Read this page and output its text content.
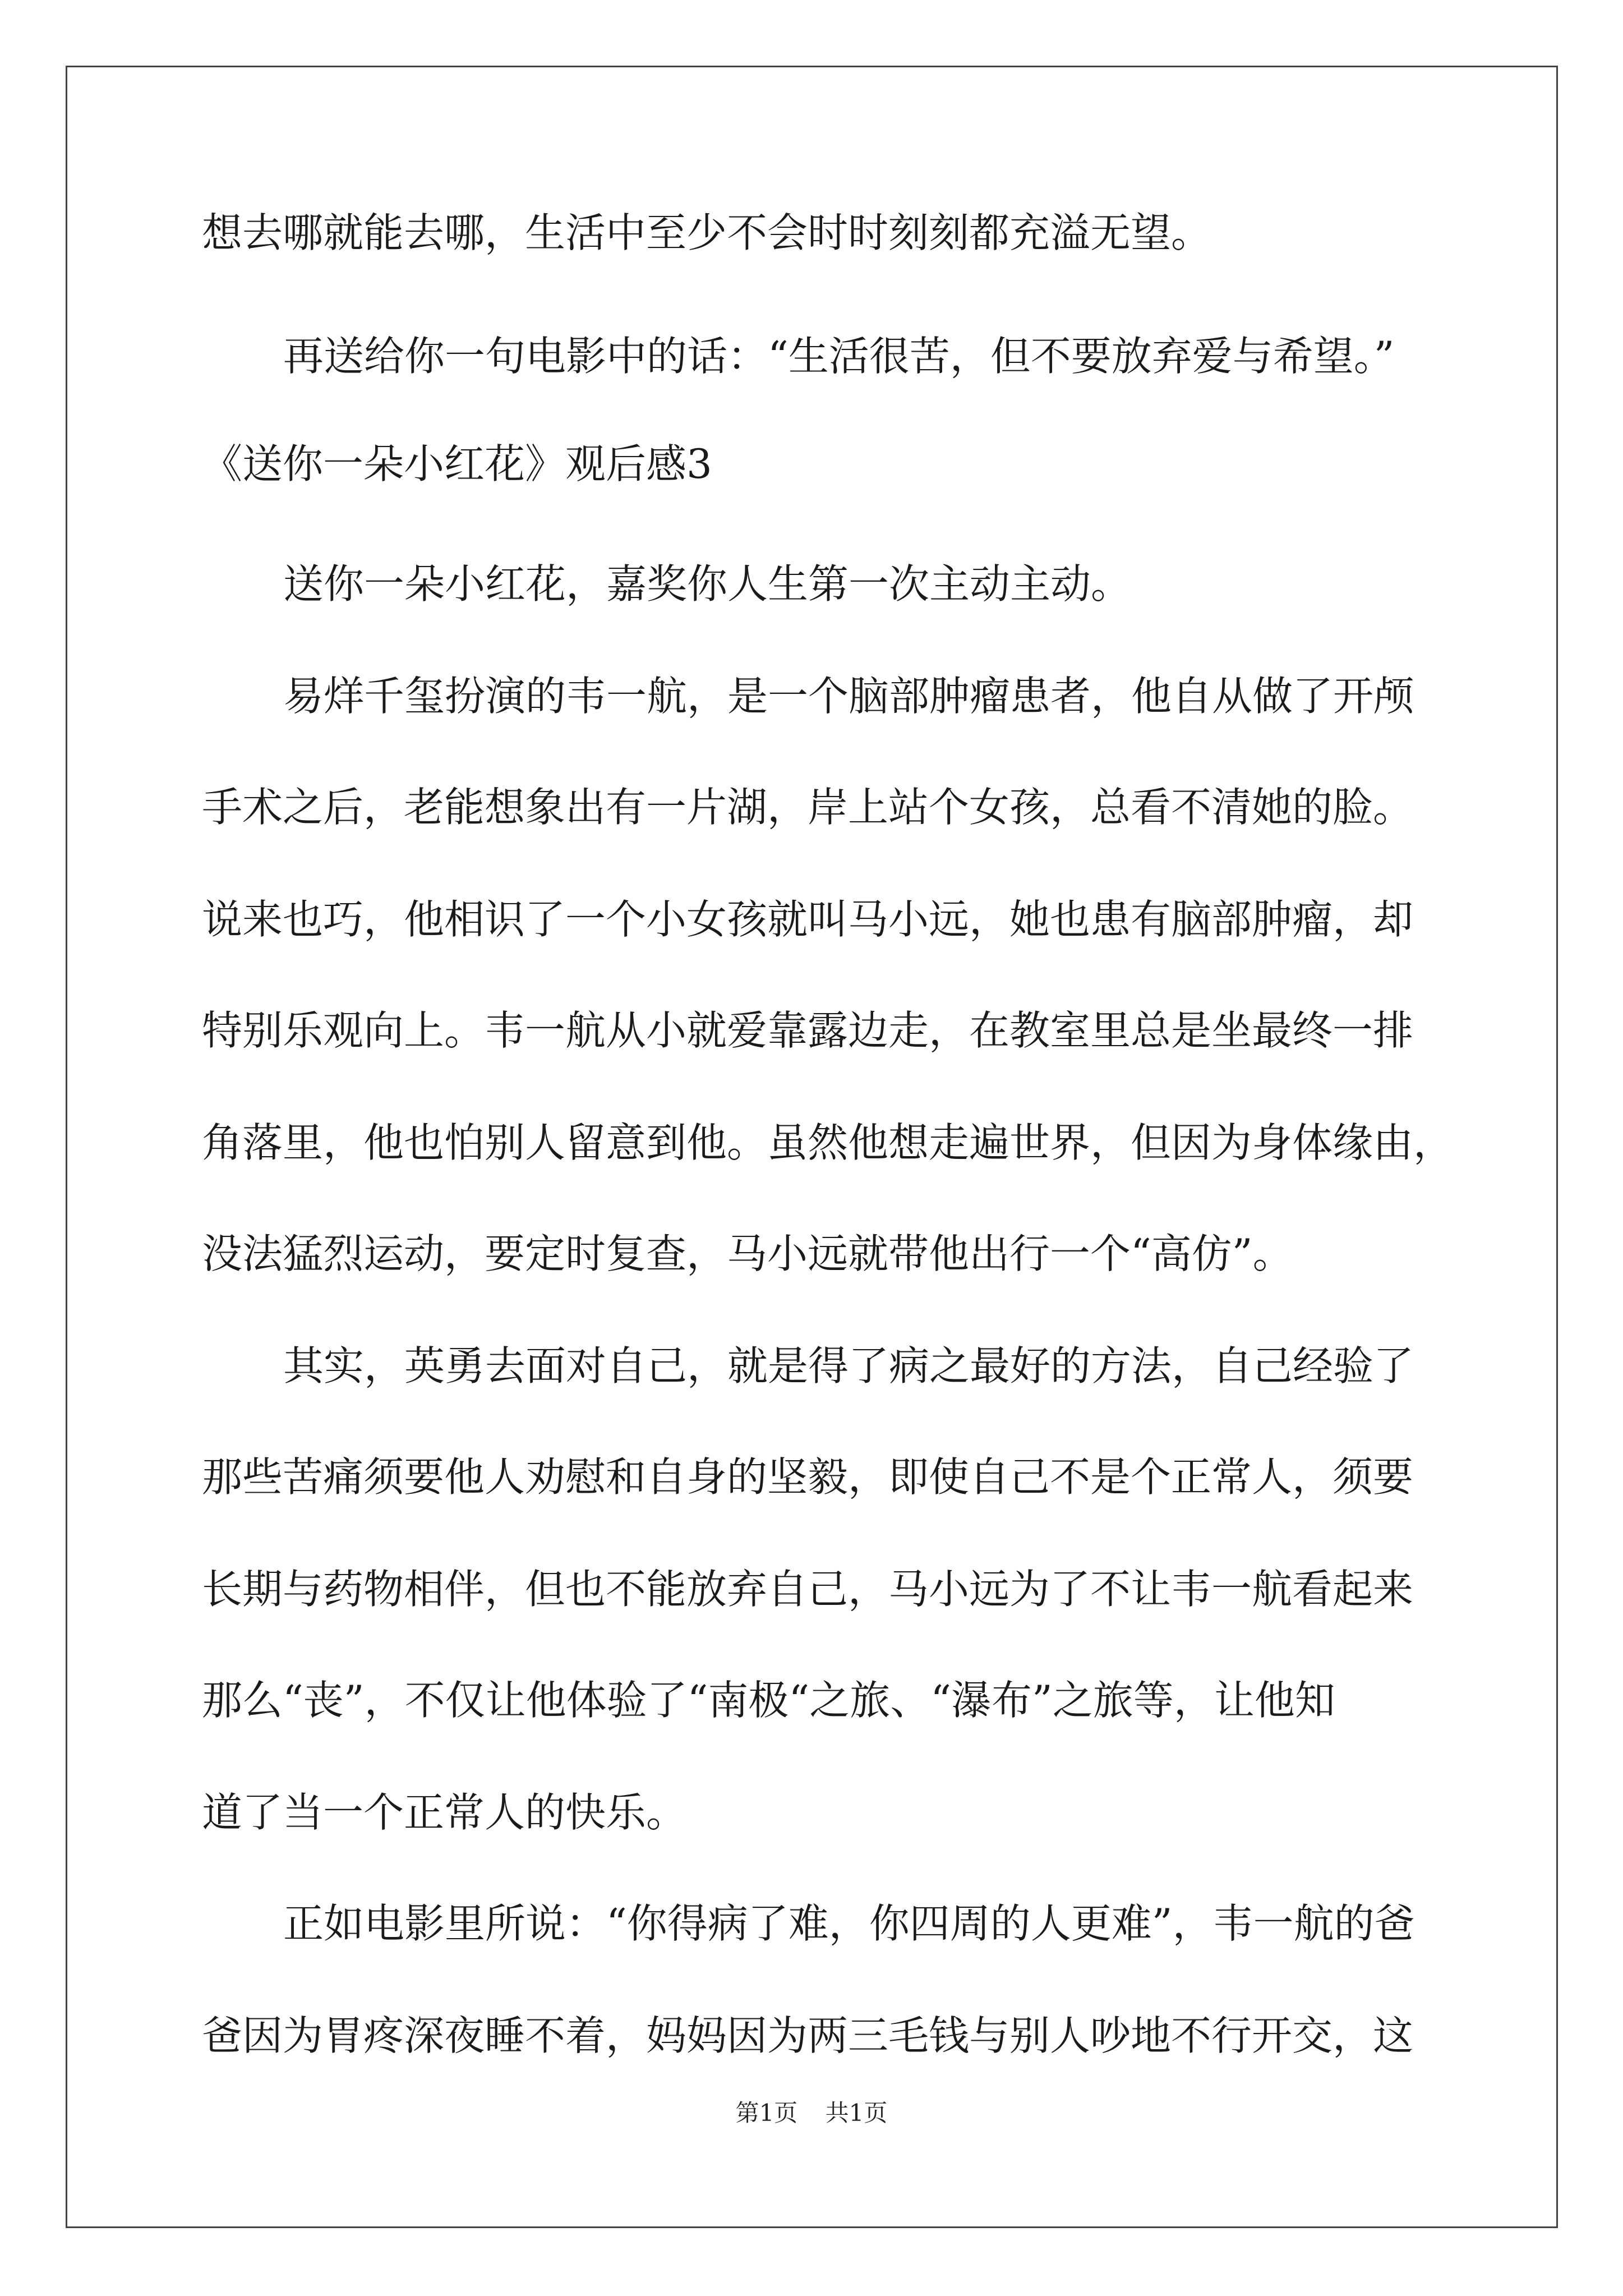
想去哪就能去哪，生活中至少不会时时刻刻都充溢无望。
再送给你一句电影中的话：“生活很苦，但不要放弃爱与希望。”
《送你一朵小红花》观后感3
送你一朵小红花，嘉奖你人生第一次主动主动。
易烊千玺扮演的韦一航，是一个脑部肿瘤患者，他自从做了开颅
手术之后，老能想象出有一片湖，岸上站个女孩，总看不清她的脸。
说来也巧，他相识了一个小女孩就叫马小远，她也患有脑部肿瘤，却
特别乐观向上。韦一航从小就爱靠露边走，在教室里总是坐最终一排
角落里，他也怕别人留意到他。虽然他想走遍世界，但因为身体缘由，
没法猛烈运动，要定时复查，马小远就带他出行一个“高仿”。
其实，英勇去面对自己，就是得了病之最好的方法，自己经验了
那些苦痛须要他人劝慰和自身的坚毅，即使自己不是个正常人，须要
长期与药物相伴，但也不能放弃自己，马小远为了不让韦一航看起来
那么“丧”，不仅让他体验了“南极“之旅、“瀑布”之旅等，让他知
道了当一个正常人的快乐。
正如电影里所说：“你得病了难，你四周的人更难”，韦一航的爸
爸因为胃疼深夜睡不着，妈妈因为两三毛钱与别人吵地不行开交，这
第1页 共1页
